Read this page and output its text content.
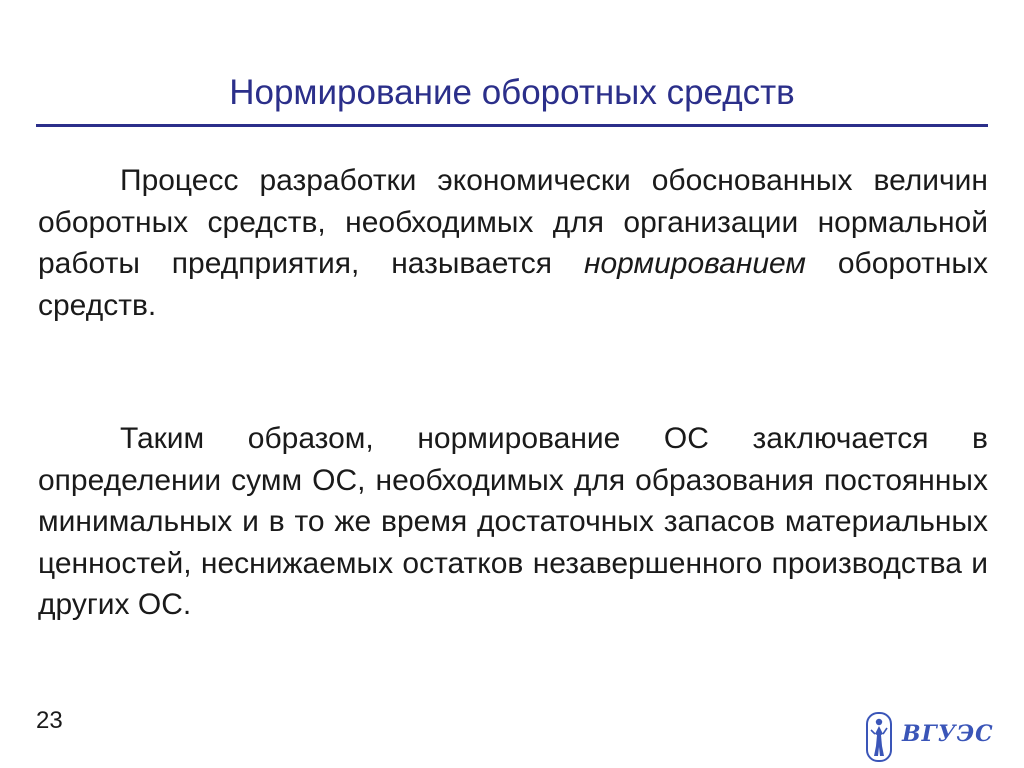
Нормирование оборотных средств

Процесс разработки экономически обоснованных величин оборотных средств, необходимых для организации нормальной работы предприятия, называется нормированием оборотных средств.

Таким образом, нормирование ОС заключается в определении сумм ОС, необходимых для образования постоянных минимальных и в то же время достаточных запасов материальных ценностей, неснижаемых остатков незавершенного производства и других ОС.

23	ВГУЭС
